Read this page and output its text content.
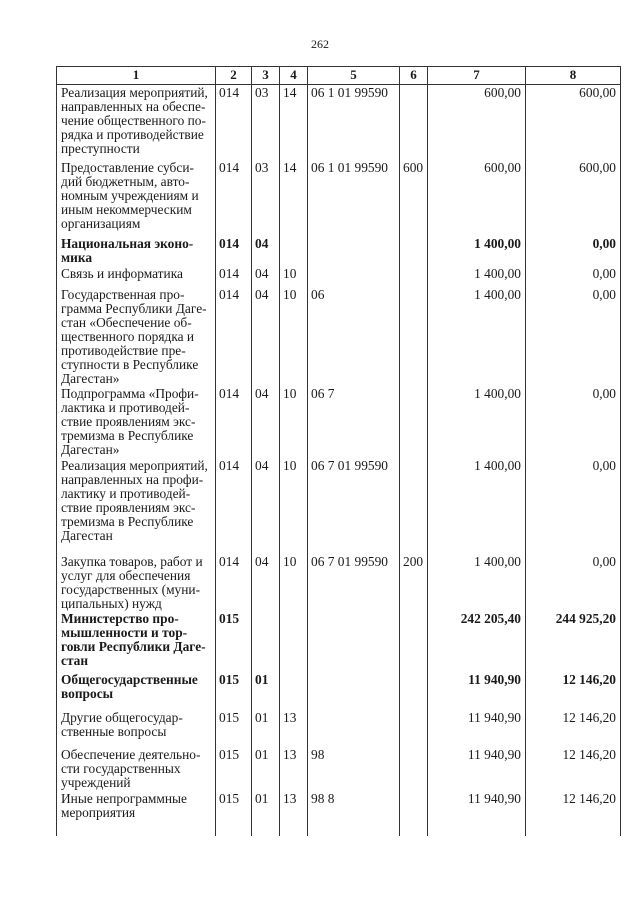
262
1	2	3	4	5	6	7	8
Реализация мероприятий, направленных на обеспе-чение общественного по-рядка и противодействие преступности	014	03	14	06 1 01 99590		600,00	600,00
Предоставление субси-дий бюджетным, авто-номным учреждениям и иным некоммерческим организациям	014	03	14	06 1 01 99590	600	600,00	600,00
Национальная эконо-мика	014	04				1 400,00	0,00
Связь и информатика	014	04	10			1 400,00	0,00
Государственная про-грамма Республики Даге-стан «Обеспечение об-щественного порядка и противодействие пре-ступности в Республике Дагестан»	014	04	10	06		1 400,00	0,00
Подпрограмма «Профи-лактика и противодей-ствие проявлениям экс-тремизма в Республике Дагестан»	014	04	10	06 7		1 400,00	0,00
Реализация мероприятий, направленных на профи-лактику и противодей-ствие проявлениям экс-тремизма в Республике Дагестан	014	04	10	06 7 01 99590		1 400,00	0,00
Закупка товаров, работ и услуг для обеспечения государственных (муни-ципальных) нужд	014	04	10	06 7 01 99590	200	1 400,00	0,00
Министерство про-мышленности и тор-говли Республики Даге-стан	015					242 205,40	244 925,20
Общегосударственные вопросы	015	01				11 940,90	12 146,20
Другие общегосудар-ственные вопросы	015	01	13			11 940,90	12 146,20
Обеспечение деятельно-сти государственных учреждений	015	01	13	98		11 940,90	12 146,20
Иные непрограммные мероприятия	015	01	13	98 8		11 940,90	12 146,20
